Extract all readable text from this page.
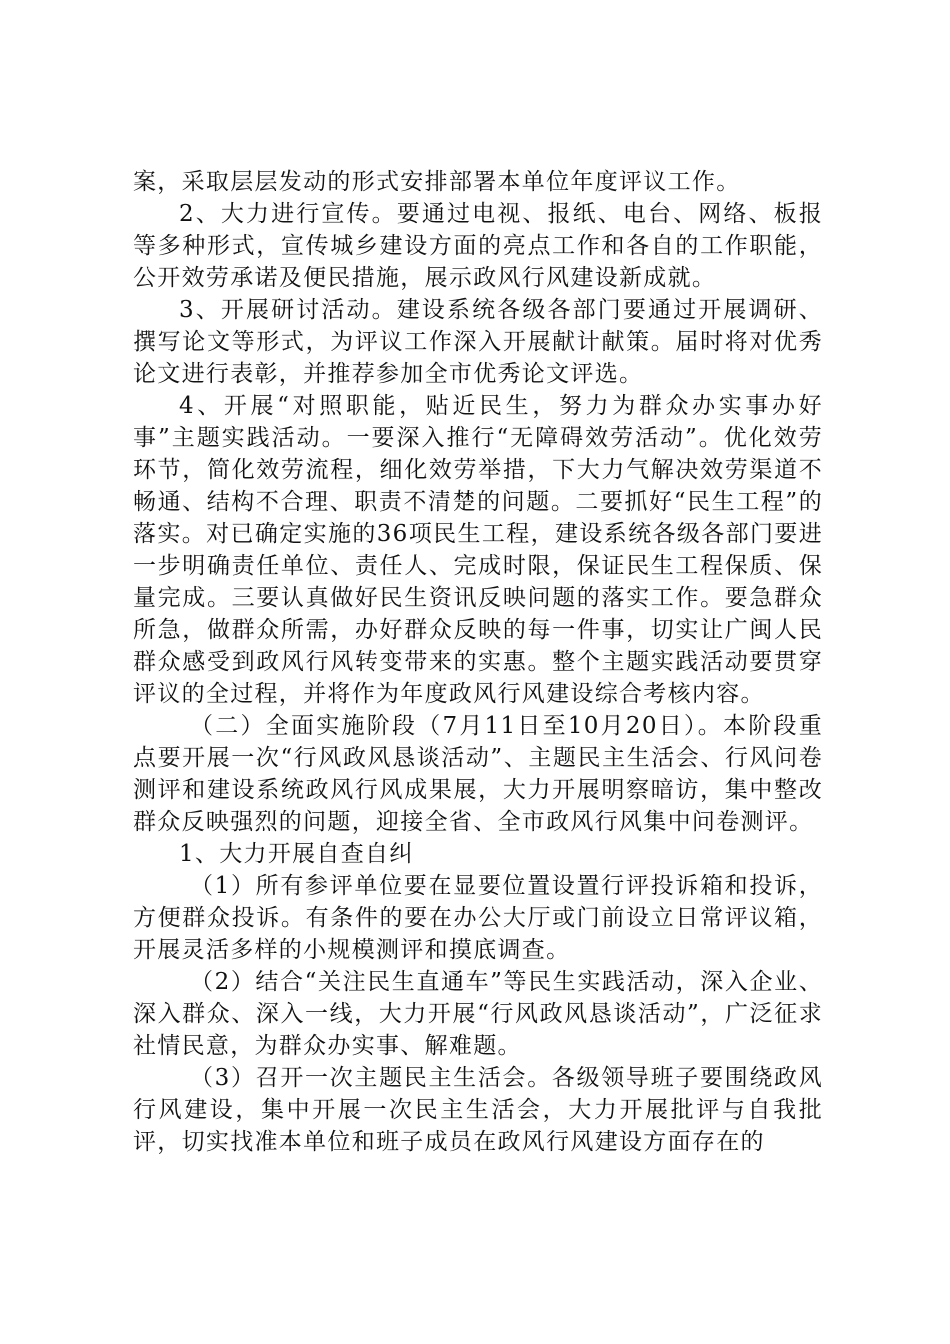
案，采取层层发动的形式安排部署本单位年度评议工作。

2、大力进行宣传。要通过电视、报纸、电台、网络、板报等多种形式，宣传城乡建设方面的亮点工作和各自的工作职能，公开效劳承诺及便民措施，展示政风行风建设新成就。

3、开展研讨活动。建设系统各级各部门要通过开展调研、撰写论文等形式，为评议工作深入开展献计献策。届时将对优秀论文进行表彰，并推荐参加全市优秀论文评选。

4、开展“对照职能，贴近民生，努力为群众办实事办好事”主题实践活动。一要深入推行“无障碍效劳活动”。优化效劳环节，简化效劳流程，细化效劳举措，下大力气解决效劳渠道不畅通、结构不合理、职责不清楚的问题。二要抓好“民生工程”的落实。对已确定实施的36项民生工程，建设系统各级各部门要进一步明确责任单位、责任人、完成时限，保证民生工程保质、保量完成。三要认真做好民生资讯反映问题的落实工作。要急群众所急，做群众所需，办好群众反映的每一件事，切实让广闽人民群众感受到政风行风转变带来的实惠。整个主题实践活动要贯穿评议的全过程，并将作为年度政风行风建设综合考核内容。

（二）全面实施阶段（7月11日至10月20日）。本阶段重点要开展一次“行风政风恳谈活动”、主题民主生活会、行风问卷测评和建设系统政风行风成果展，大力开展明察暗访，集中整改群众反映强烈的问题，迎接全省、全市政风行风集中问卷测评。

1、大力开展自查自纠

（1）所有参评单位要在显要位置设置行评投诉箱和投诉，方便群众投诉。有条件的要在办公大厅或门前设立日常评议箱，开展灵活多样的小规模测评和摸底调查。

（2）结合“关注民生直通车”等民生实践活动，深入企业、深入群众、深入一线，大力开展“行风政风恳谈活动”，广泛征求社情民意，为群众办实事、解难题。

（3）召开一次主题民主生活会。各级领导班子要围绕政风行风建设，集中开展一次民主生活会，大力开展批评与自我批评，切实找准本单位和班子成员在政风行风建设方面存在的
